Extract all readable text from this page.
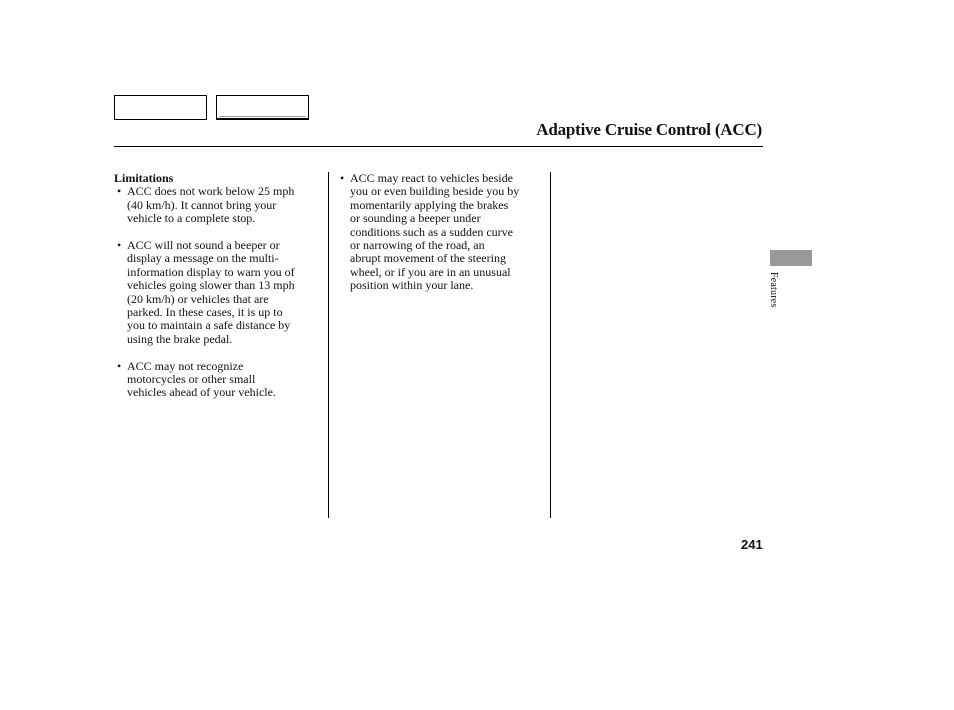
Adaptive Cruise Control (ACC)

Limitations

• ACC does not work below 25 mph
(40 km/h). It cannot bring your
vehicle to a complete stop.

• ACC will not sound a beeper or
display a message on the multi-
information display to warn you of
vehicles going slower than 13 mph
(20 km/h) or vehicles that are
parked. In these cases, it is up to
you to maintain a safe distance by
using the brake pedal.

• ACC may not recognize
motorcycles or other small
vehicles ahead of your vehicle.

• ACC may react to vehicles beside
you or even building beside you by
momentarily applying the brakes
or sounding a beeper under
conditions such as a sudden curve
or narrowing of the road, an
abrupt movement of the steering
wheel, or if you are in an unusual
position within your lane.	Features
241
